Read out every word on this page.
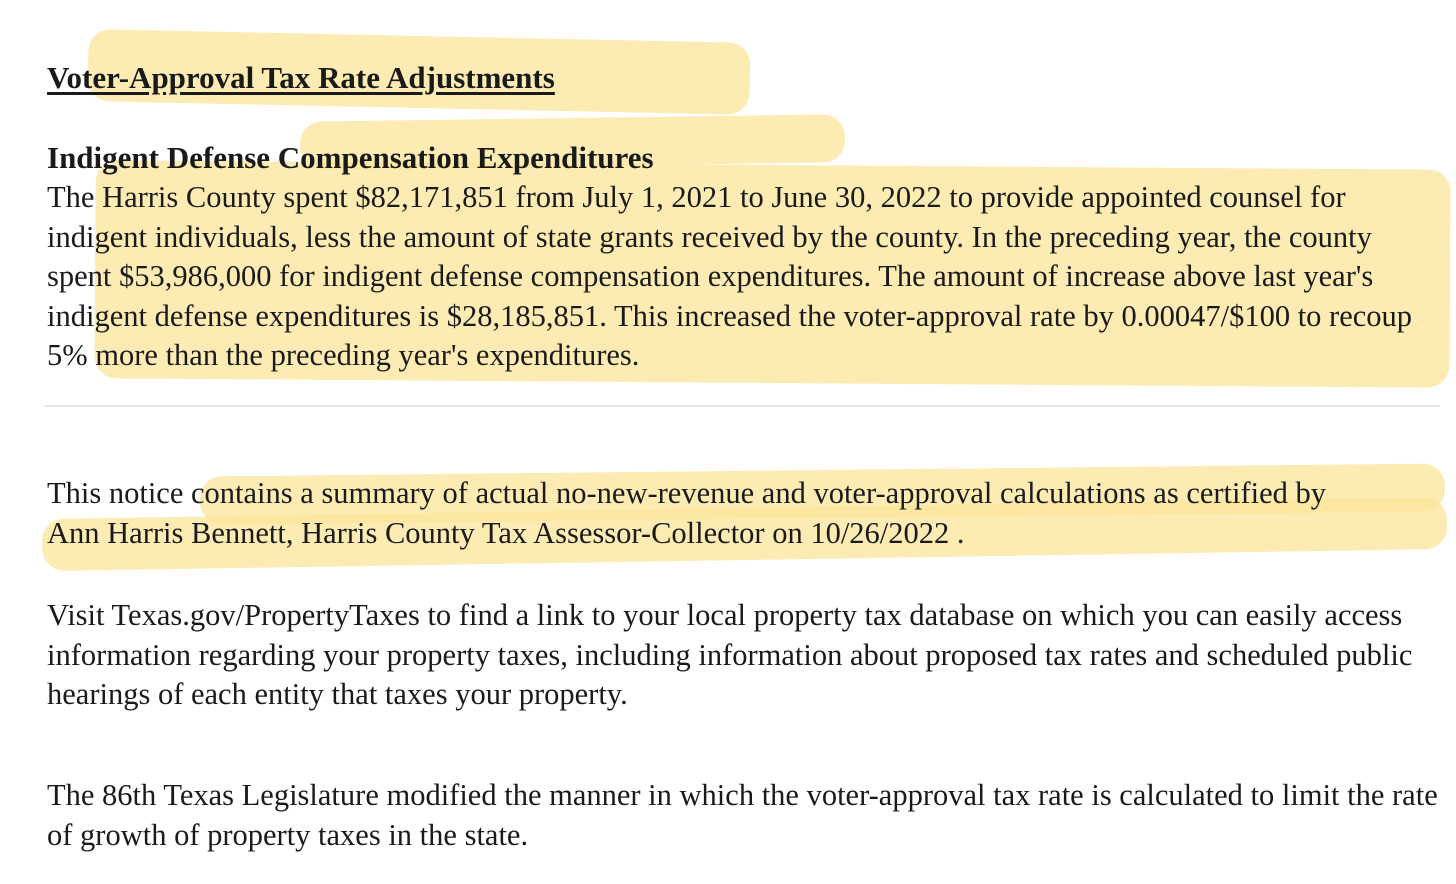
Voter-Approval Tax Rate Adjustments
Indigent Defense Compensation Expenditures

The Harris County spent $82,171,851 from July 1, 2021 to June 30, 2022 to provide appointed counsel for indigent individuals, less the amount of state grants received by the county. In the preceding year, the county spent $53,986,000 for indigent defense compensation expenditures. The amount of increase above last year's indigent defense expenditures is $28,185,851. This increased the voter-approval rate by 0.00047/$100 to recoup 5% more than the preceding year's expenditures.

This notice contains a summary of actual no-new-revenue and voter-approval calculations as certified by Ann Harris Bennett, Harris County Tax Assessor-Collector on 10/26/2022 .

Visit Texas.gov/PropertyTaxes to find a link to your local property tax database on which you can easily access information regarding your property taxes, including information about proposed tax rates and scheduled public hearings of each entity that taxes your property.

The 86th Texas Legislature modified the manner in which the voter-approval tax rate is calculated to limit the rate of growth of property taxes in the state.
